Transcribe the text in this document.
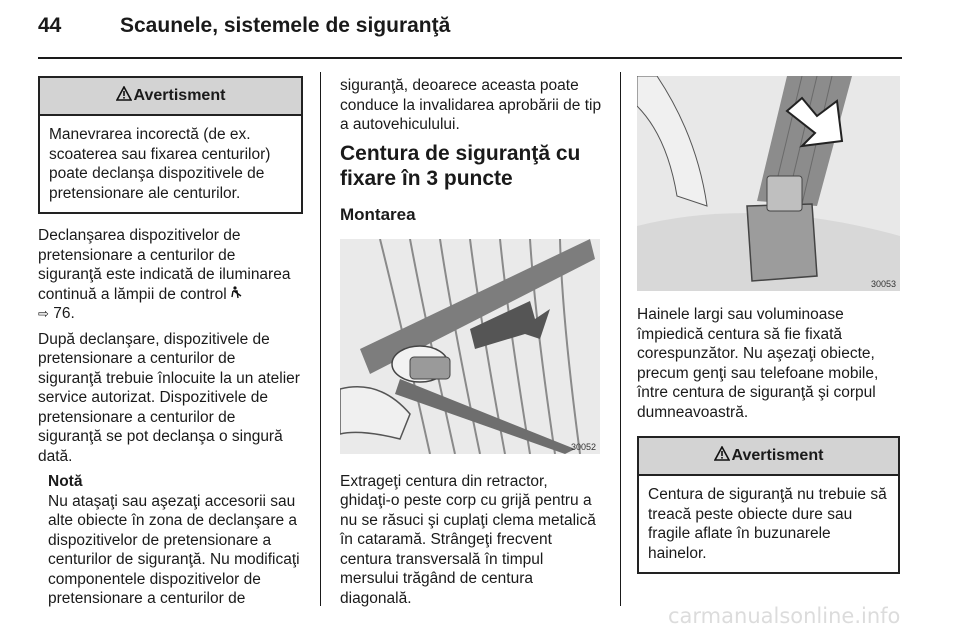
44	Scaunele, sistemele de siguranţă
Avertisment
Manevrarea incorectă (de ex. scoaterea sau fixarea centurilor) poate declanşa dispozitivele de pretensionare ale centurilor.

Declanşarea dispozitivelor de pretensionare a centurilor de siguranţă este indicată de iluminarea continuă a lămpii de control
⇨ 76.

După declanşare, dispozitivele de pretensionare a centurilor de siguranţă trebuie înlocuite la un atelier service autorizat. Dispozitivele de pretensionare a centurilor de siguranţă se pot declanşa o singură dată.

Notă

Nu ataşaţi sau aşezaţi accesorii sau alte obiecte în zona de declanşare a dispozitivelor de pretensionare a centurilor de siguranţă. Nu modificaţi componentele dispozitivelor de pretensionare a centurilor de

siguranţă, deoarece aceasta poate conduce la invalidarea aprobării de tip a autovehiculului.

Centura de siguranţă cu fixare în 3 puncte
Montarea
30052

Extrageţi centura din retractor, ghidaţi-o peste corp cu grijă pentru a nu se răsuci şi cuplaţi clema metalică în cataramă. Strângeţi frecvent centura transversală în timpul mersului trăgând de centura diagonală.

30053

Hainele largi sau voluminoase împiedică centura să fie fixată corespunzător. Nu aşezaţi obiecte, precum genţi sau telefoane mobile, între centura de siguranţă şi corpul dumneavoastră.

Avertisment
Centura de siguranţă nu trebuie să treacă peste obiecte dure sau fragile aflate în buzunarele hainelor.
carmanualsonline.info
